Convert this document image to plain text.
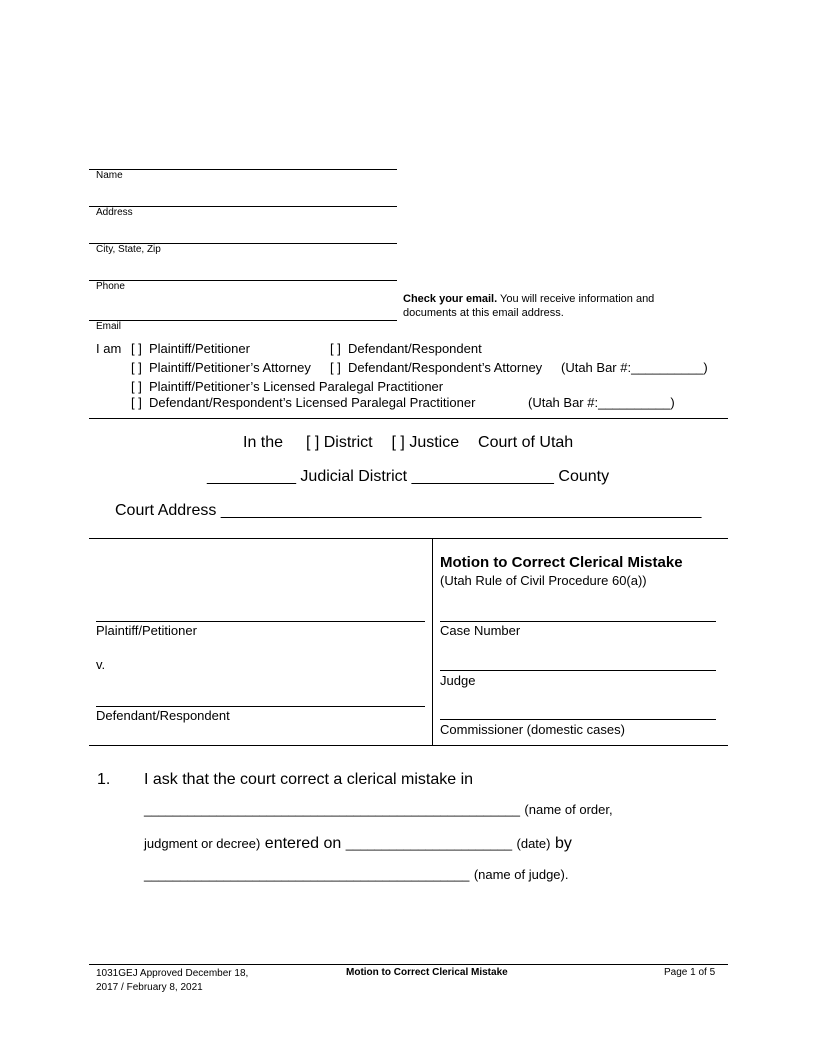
Name
Address
City, State, Zip
Phone
Email
Check your email. You will receive information and
documents at this email address.
I am [ ] Plaintiff/Petitioner	[ ] Defendant/Respondent
[ ] Plaintiff/Petitioner’s Attorney [ ] Defendant/Respondent’s Attorney (Utah Bar #:__________)
[ ] Plaintiff/Petitioner’s Licensed Paralegal Practitioner
[ ] Defendant/Respondent’s Licensed Paralegal Practitioner	(Utah Bar #:__________)
In the [ ] District [ ] Justice Court of Utah
__________ Judicial District ________________ County
Court Address ______________________________________________________
Motion to Correct Clerical Mistake
(Utah Rule of Civil Procedure 60(a))
Plaintiff/Petitioner
v.
Defendant/Respondent
Case Number
Judge
Commissioner (domestic cases)
1. I ask that the court correct a clerical mistake in
____________________________________________________ (name of order,
judgment or decree) entered on _______________________ (date) by
_____________________________________________ (name of judge).
1031GEJ Approved December 18,
2017 / February 8, 2021
Motion to Correct Clerical Mistake	Page 1 of 5
